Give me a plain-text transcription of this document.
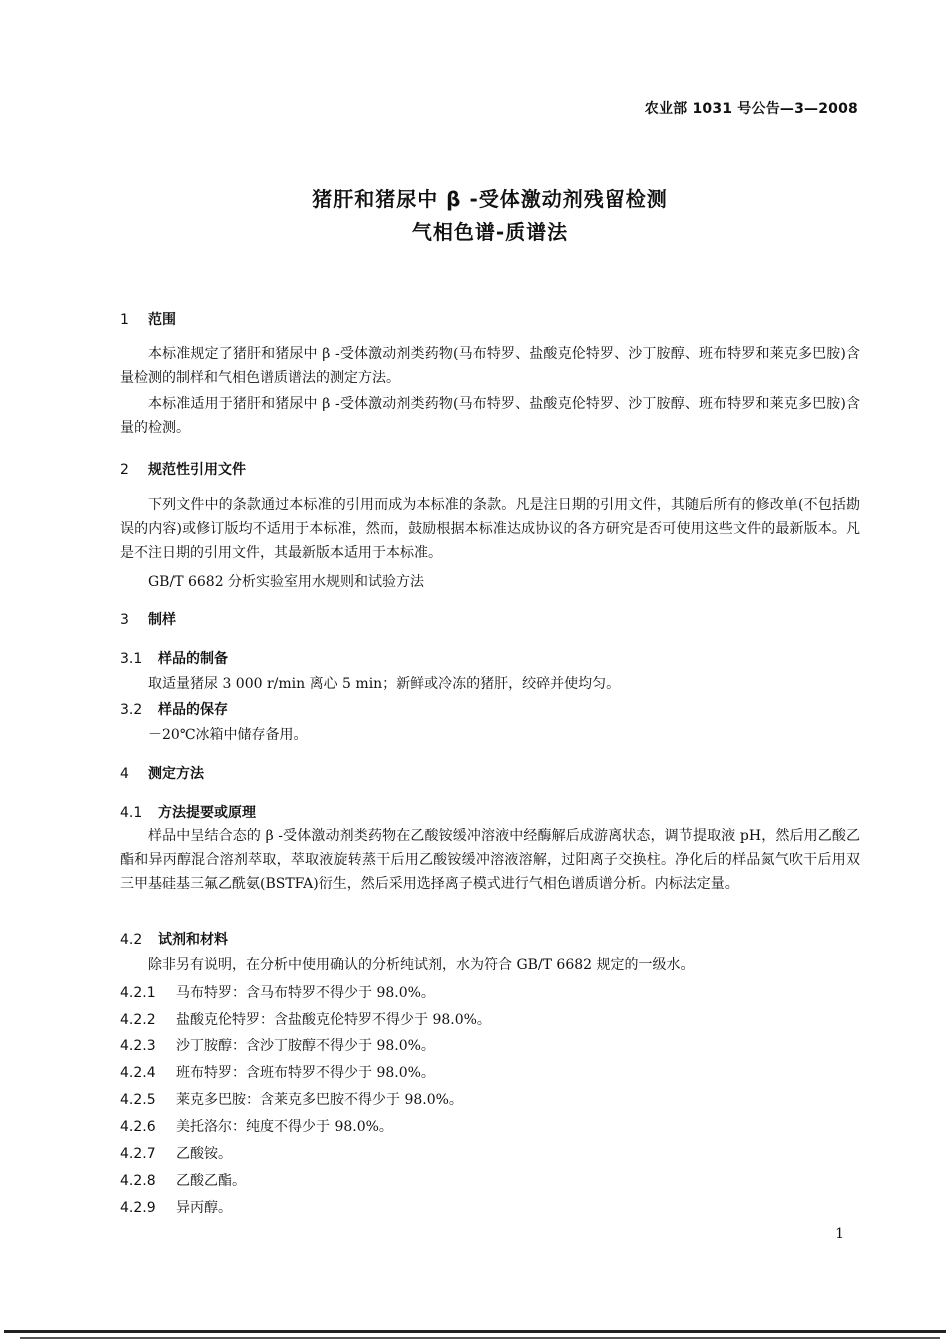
农业部 1031 号公告—3—2008
猪肝和猪尿中 β -受体激动剂残留检测
气相色谱-质谱法
1 范围
本标准规定了猪肝和猪尿中 β -受体激动剂类药物(马布特罗、盐酸克伦特罗、沙丁胺醇、班布特罗和莱克多巴胺)含量检测的制样和气相色谱质谱法的测定方法。
本标准适用于猪肝和猪尿中 β -受体激动剂类药物(马布特罗、盐酸克伦特罗、沙丁胺醇、班布特罗和莱克多巴胺)含量的检测。
2 规范性引用文件
下列文件中的条款通过本标准的引用而成为本标准的条款。凡是注日期的引用文件，其随后所有的修改单(不包括勘误的内容)或修订版均不适用于本标准，然而，鼓励根据本标准达成协议的各方研究是否可使用这些文件的最新版本。凡是不注日期的引用文件，其最新版本适用于本标准。
GB/T 6682 分析实验室用水规则和试验方法
3 制样
3.1 样品的制备
取适量猪尿 3 000 r/min 离心 5 min；新鲜或冷冻的猪肝，绞碎并使均匀。
3.2 样品的保存
－20℃冰箱中储存备用。
4 测定方法
4.1 方法提要或原理
样品中呈结合态的 β -受体激动剂类药物在乙酸铵缓冲溶液中经酶解后成游离状态，调节提取液 pH，然后用乙酸乙酯和异丙醇混合溶剂萃取，萃取液旋转蒸干后用乙酸铵缓冲溶液溶解，过阳离子交换柱。净化后的样品氮气吹干后用双三甲基硅基三氟乙酰氨(BSTFA)衍生，然后采用选择离子模式进行气相色谱质谱分析。内标法定量。
4.2 试剂和材料
除非另有说明，在分析中使用确认的分析纯试剂，水为符合 GB/T 6682 规定的一级水。
4.2.1 马布特罗：含马布特罗不得少于 98.0%。
4.2.2 盐酸克伦特罗：含盐酸克伦特罗不得少于 98.0%。
4.2.3 沙丁胺醇：含沙丁胺醇不得少于 98.0%。
4.2.4 班布特罗：含班布特罗不得少于 98.0%。
4.2.5 莱克多巴胺：含莱克多巴胺不得少于 98.0%。
4.2.6 美托洛尔：纯度不得少于 98.0%。
4.2.7 乙酸铵。
4.2.8 乙酸乙酯。
4.2.9 异丙醇。
1
